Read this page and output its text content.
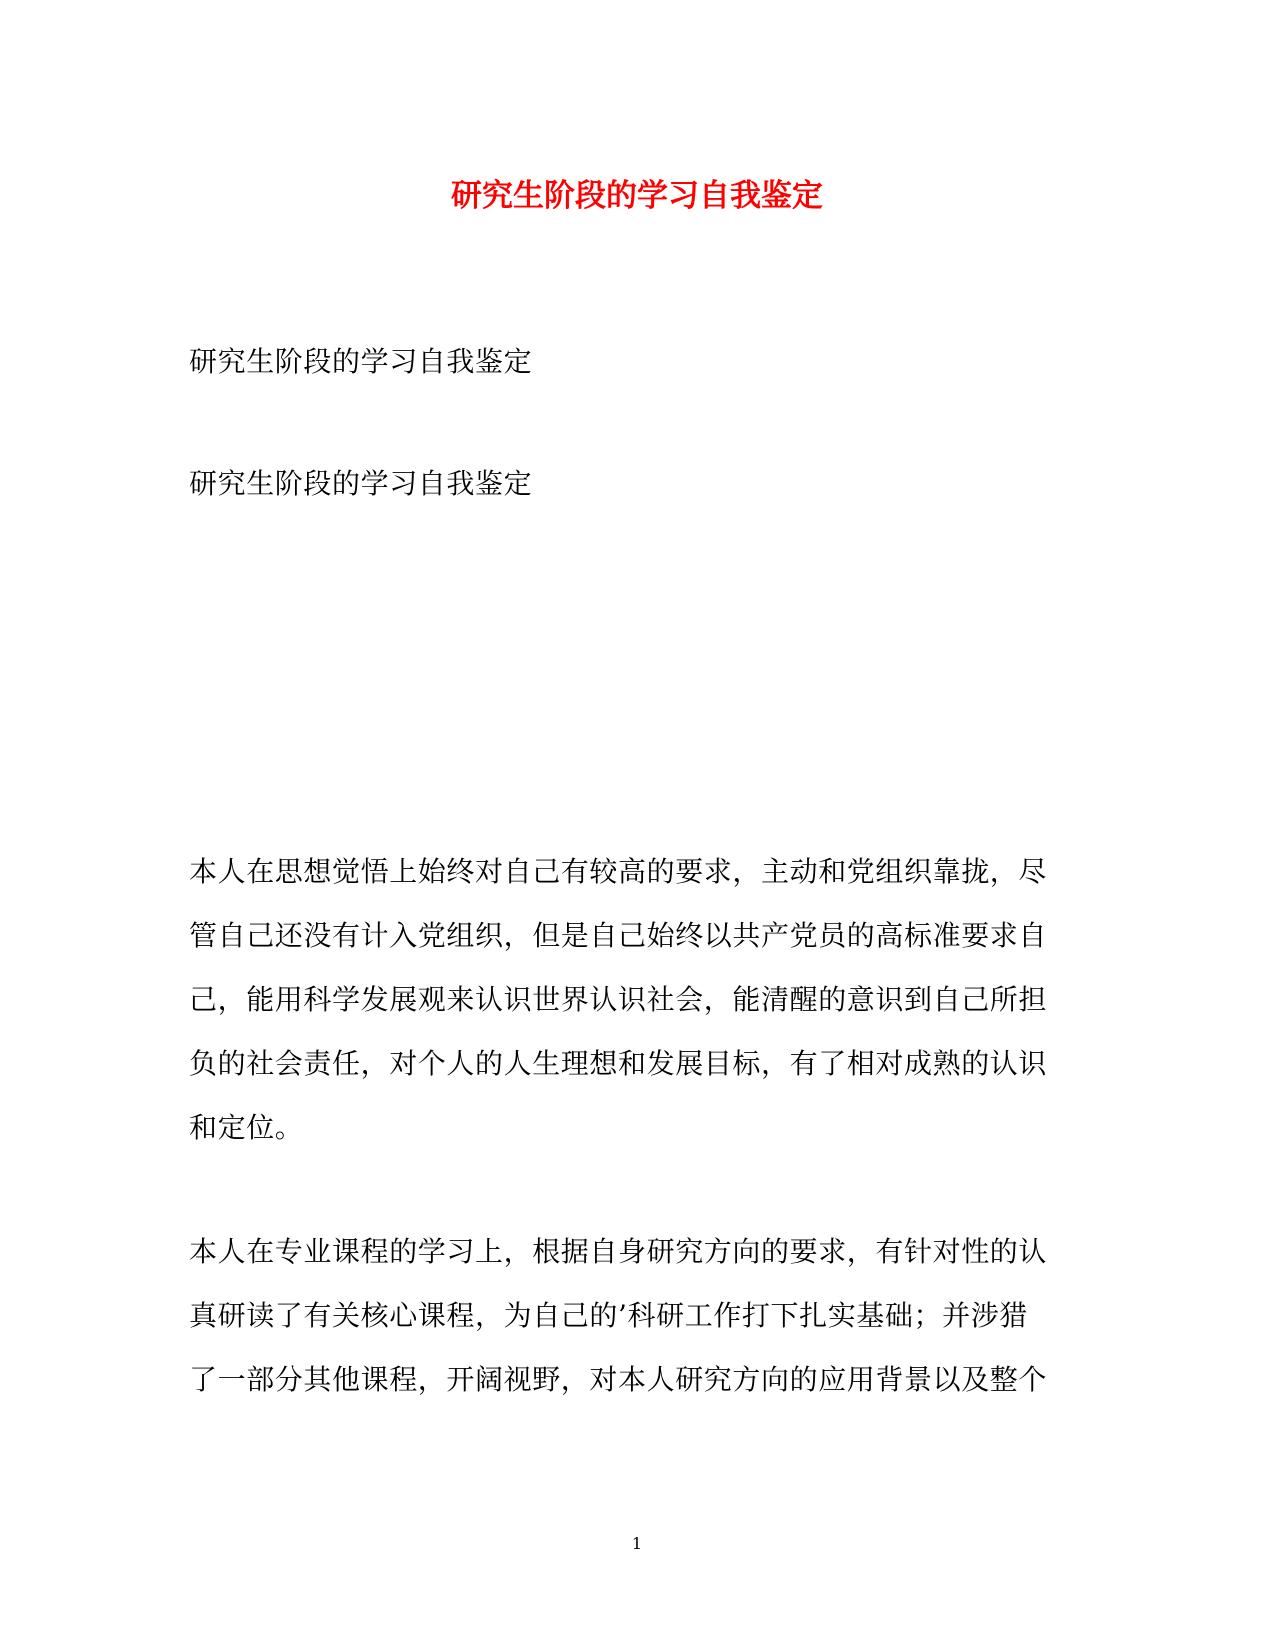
研究生阶段的学习自我鉴定
研究生阶段的学习自我鉴定
研究生阶段的学习自我鉴定
本人在思想觉悟上始终对自己有较高的要求，主动和党组织靠拢，尽
管自己还没有计入党组织，但是自己始终以共产党员的高标准要求自
己，能用科学发展观来认识世界认识社会，能清醒的意识到自己所担
负的社会责任，对个人的人生理想和发展目标，有了相对成熟的认识
和定位。
本人在专业课程的学习上，根据自身研究方向的要求，有针对性的认
真研读了有关核心课程，为自己的’科研工作打下扎实基础；并涉猎
了一部分其他课程，开阔视野，对本人研究方向的应用背景以及整个
1
